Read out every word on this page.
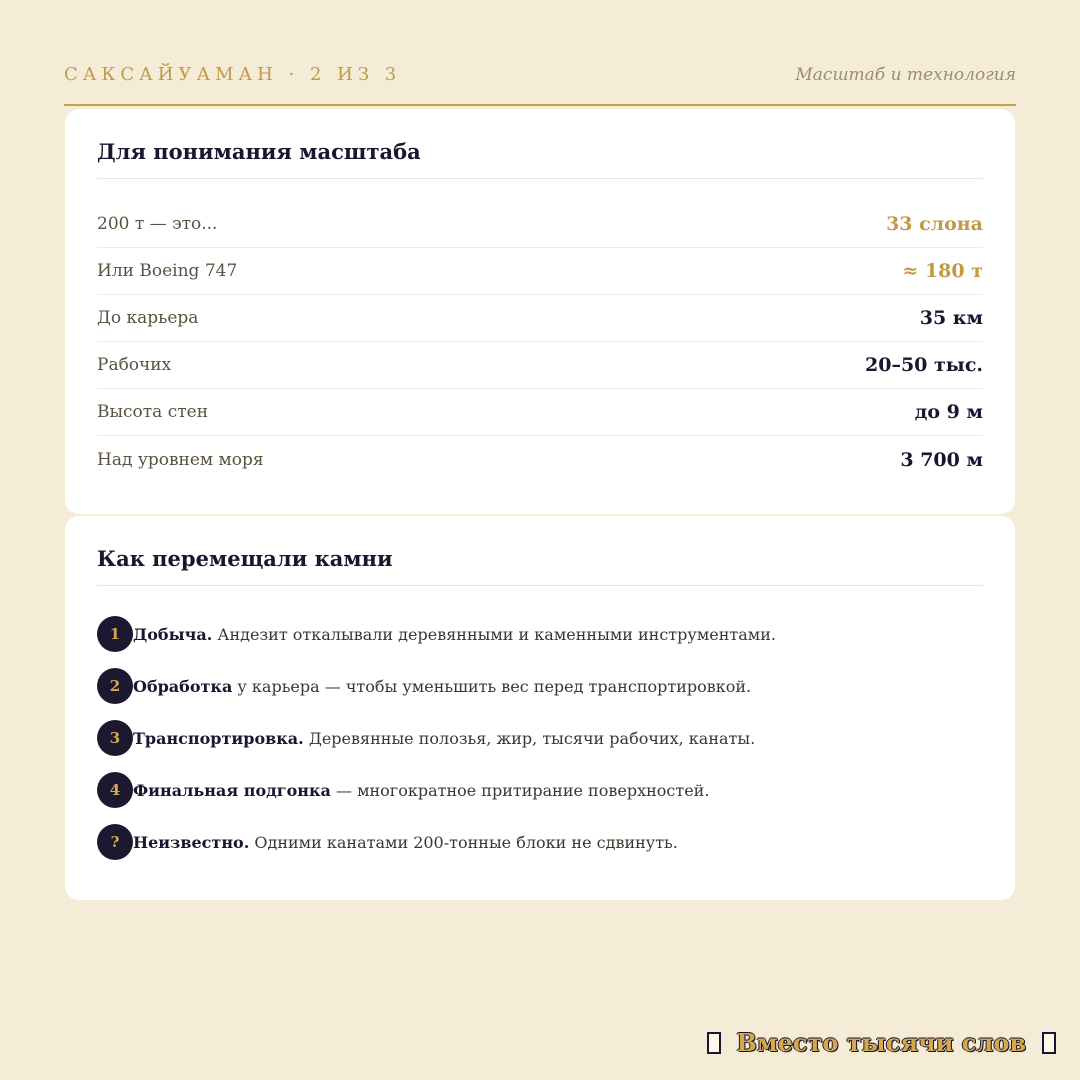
САКСАЙУАМАН · 2 ИЗ 3	Масштаб и технология
Для понимания масштаба
200 т — это...	33 слона
Или Boeing 747	≈ 180 т
До карьера	35 км
Рабочих	20–50 тыс.
Высота стен	до 9 м
Над уровнем моря	3 700 м
Как перемещали камни
1 Добыча. Андезит откалывали деревянными и каменными инструментами.
2 Обработка у карьера — чтобы уменьшить вес перед транспортировкой.
3 Транспортировка. Деревянные полозья, жир, тысячи рабочих, канаты.
4 Финальная подгонка — многократное притирание поверхностей.
? Неизвестно. Одними канатами 200-тонные блоки не сдвинуть.
Вместо тысячи слов
